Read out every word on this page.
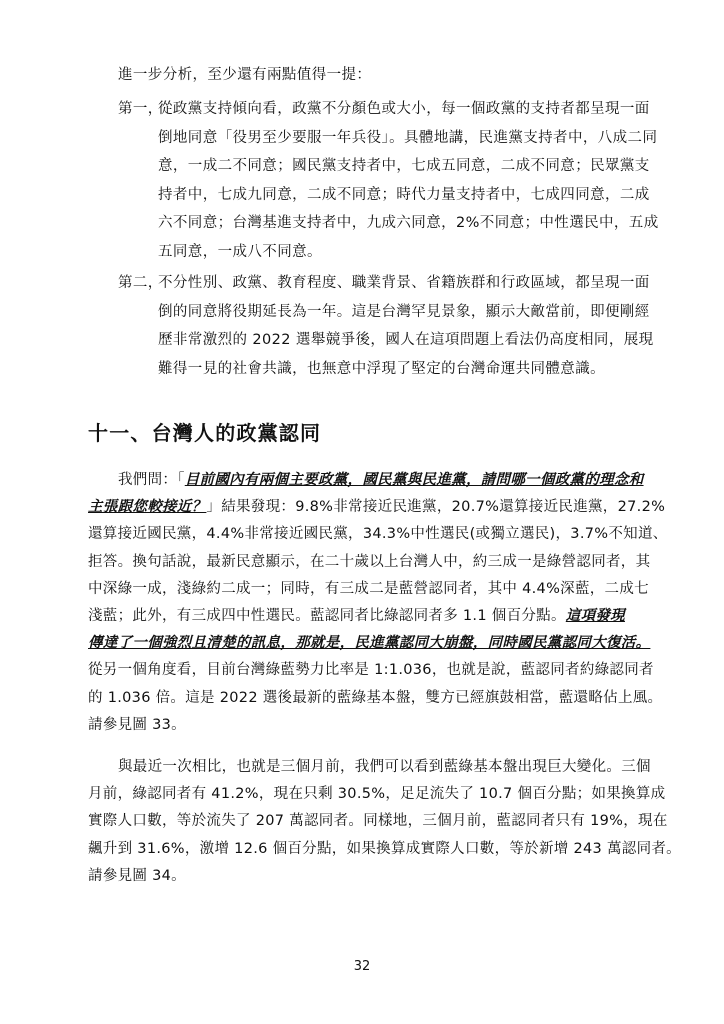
進一步分析，至少還有兩點值得一提：
第一，
從政黨支持傾向看，政黨不分顏色或大小，每一個政黨的支持者都呈現一面
倒地同意「役男至少要服一年兵役」。具體地講，民進黨支持者中，八成二同
意，一成二不同意；國民黨支持者中，七成五同意，二成不同意；民眾黨支
持者中，七成九同意，二成不同意；時代力量支持者中，七成四同意，二成
六不同意；台灣基進支持者中，九成六同意，2%不同意；中性選民中，五成
五同意，一成八不同意。
第二，
不分性別、政黨、教育程度、職業背景、省籍族群和行政區域，都呈現一面
倒的同意將役期延長為一年。這是台灣罕見景象，顯示大敵當前，即便剛經
歷非常激烈的 2022 選舉競爭後，國人在這項問題上看法仍高度相同，展現
難得一見的社會共識，也無意中浮現了堅定的台灣命運共同體意識。
十一、台灣人的政黨認同
我們問：「目前國內有兩個主要政黨，國民黨與民進黨，請問哪一個政黨的理念和
主張跟您較接近？」結果發現：9.8%非常接近民進黨，20.7%還算接近民進黨，27.2%
還算接近國民黨，4.4%非常接近國民黨，34.3%中性選民(或獨立選民)，3.7%不知道、
拒答。換句話說，最新民意顯示，在二十歲以上台灣人中，約三成一是綠營認同者，其
中深綠一成，淺綠約二成一；同時，有三成二是藍營認同者，其中 4.4%深藍，二成七
淺藍；此外，有三成四中性選民。藍認同者比綠認同者多 1.1 個百分點。這項發現
傳達了一個強烈且清楚的訊息，那就是，民進黨認同大崩盤，同時國民黨認同大復活。
從另一個角度看，目前台灣綠藍勢力比率是 1:1.036，也就是說，藍認同者約綠認同者
的 1.036 倍。這是 2022 選後最新的藍綠基本盤，雙方已經旗鼓相當，藍還略佔上風。
請參見圖 33。
與最近一次相比，也就是三個月前，我們可以看到藍綠基本盤出現巨大變化。三個
月前，綠認同者有 41.2%，現在只剩 30.5%，足足流失了 10.7 個百分點；如果換算成
實際人口數，等於流失了 207 萬認同者。同樣地，三個月前，藍認同者只有 19%，現在
飆升到 31.6%，激增 12.6 個百分點，如果換算成實際人口數，等於新增 243 萬認同者。
請參見圖 34。
32
